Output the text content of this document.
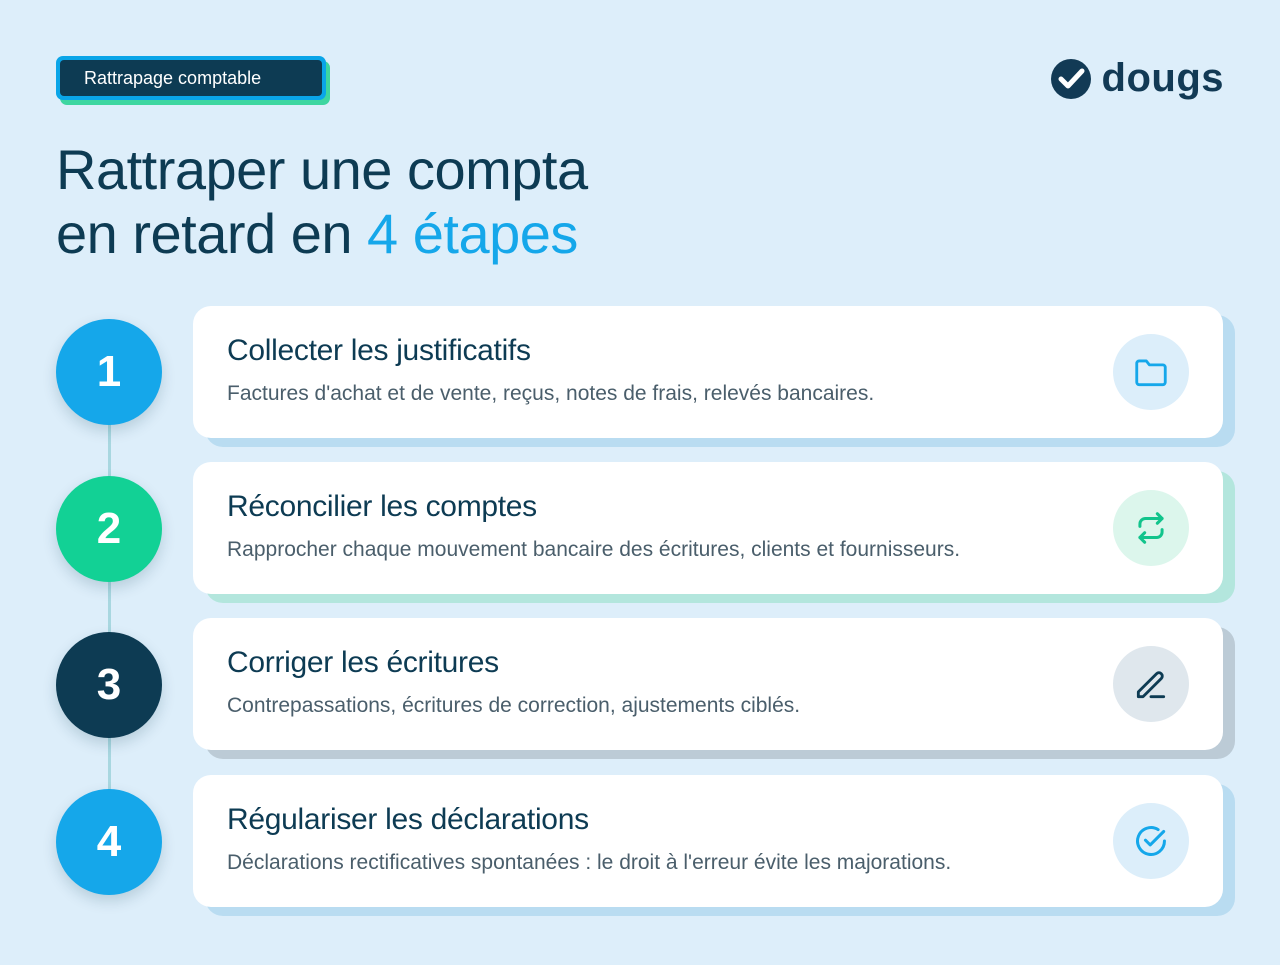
Rattrapage comptable	dougs
Rattraper une compta
en retard en 4 étapes
Collecter les justificatifs
Factures d'achat et de vente, reçus, notes de frais, relevés bancaires.
1
Réconcilier les comptes
Rapprocher chaque mouvement bancaire des écritures, clients et fournisseurs.
2
Corriger les écritures
Contrepassations, écritures de correction, ajustements ciblés.
3
Régulariser les déclarations
Déclarations rectificatives spontanées : le droit à l'erreur évite les majorations.
4
